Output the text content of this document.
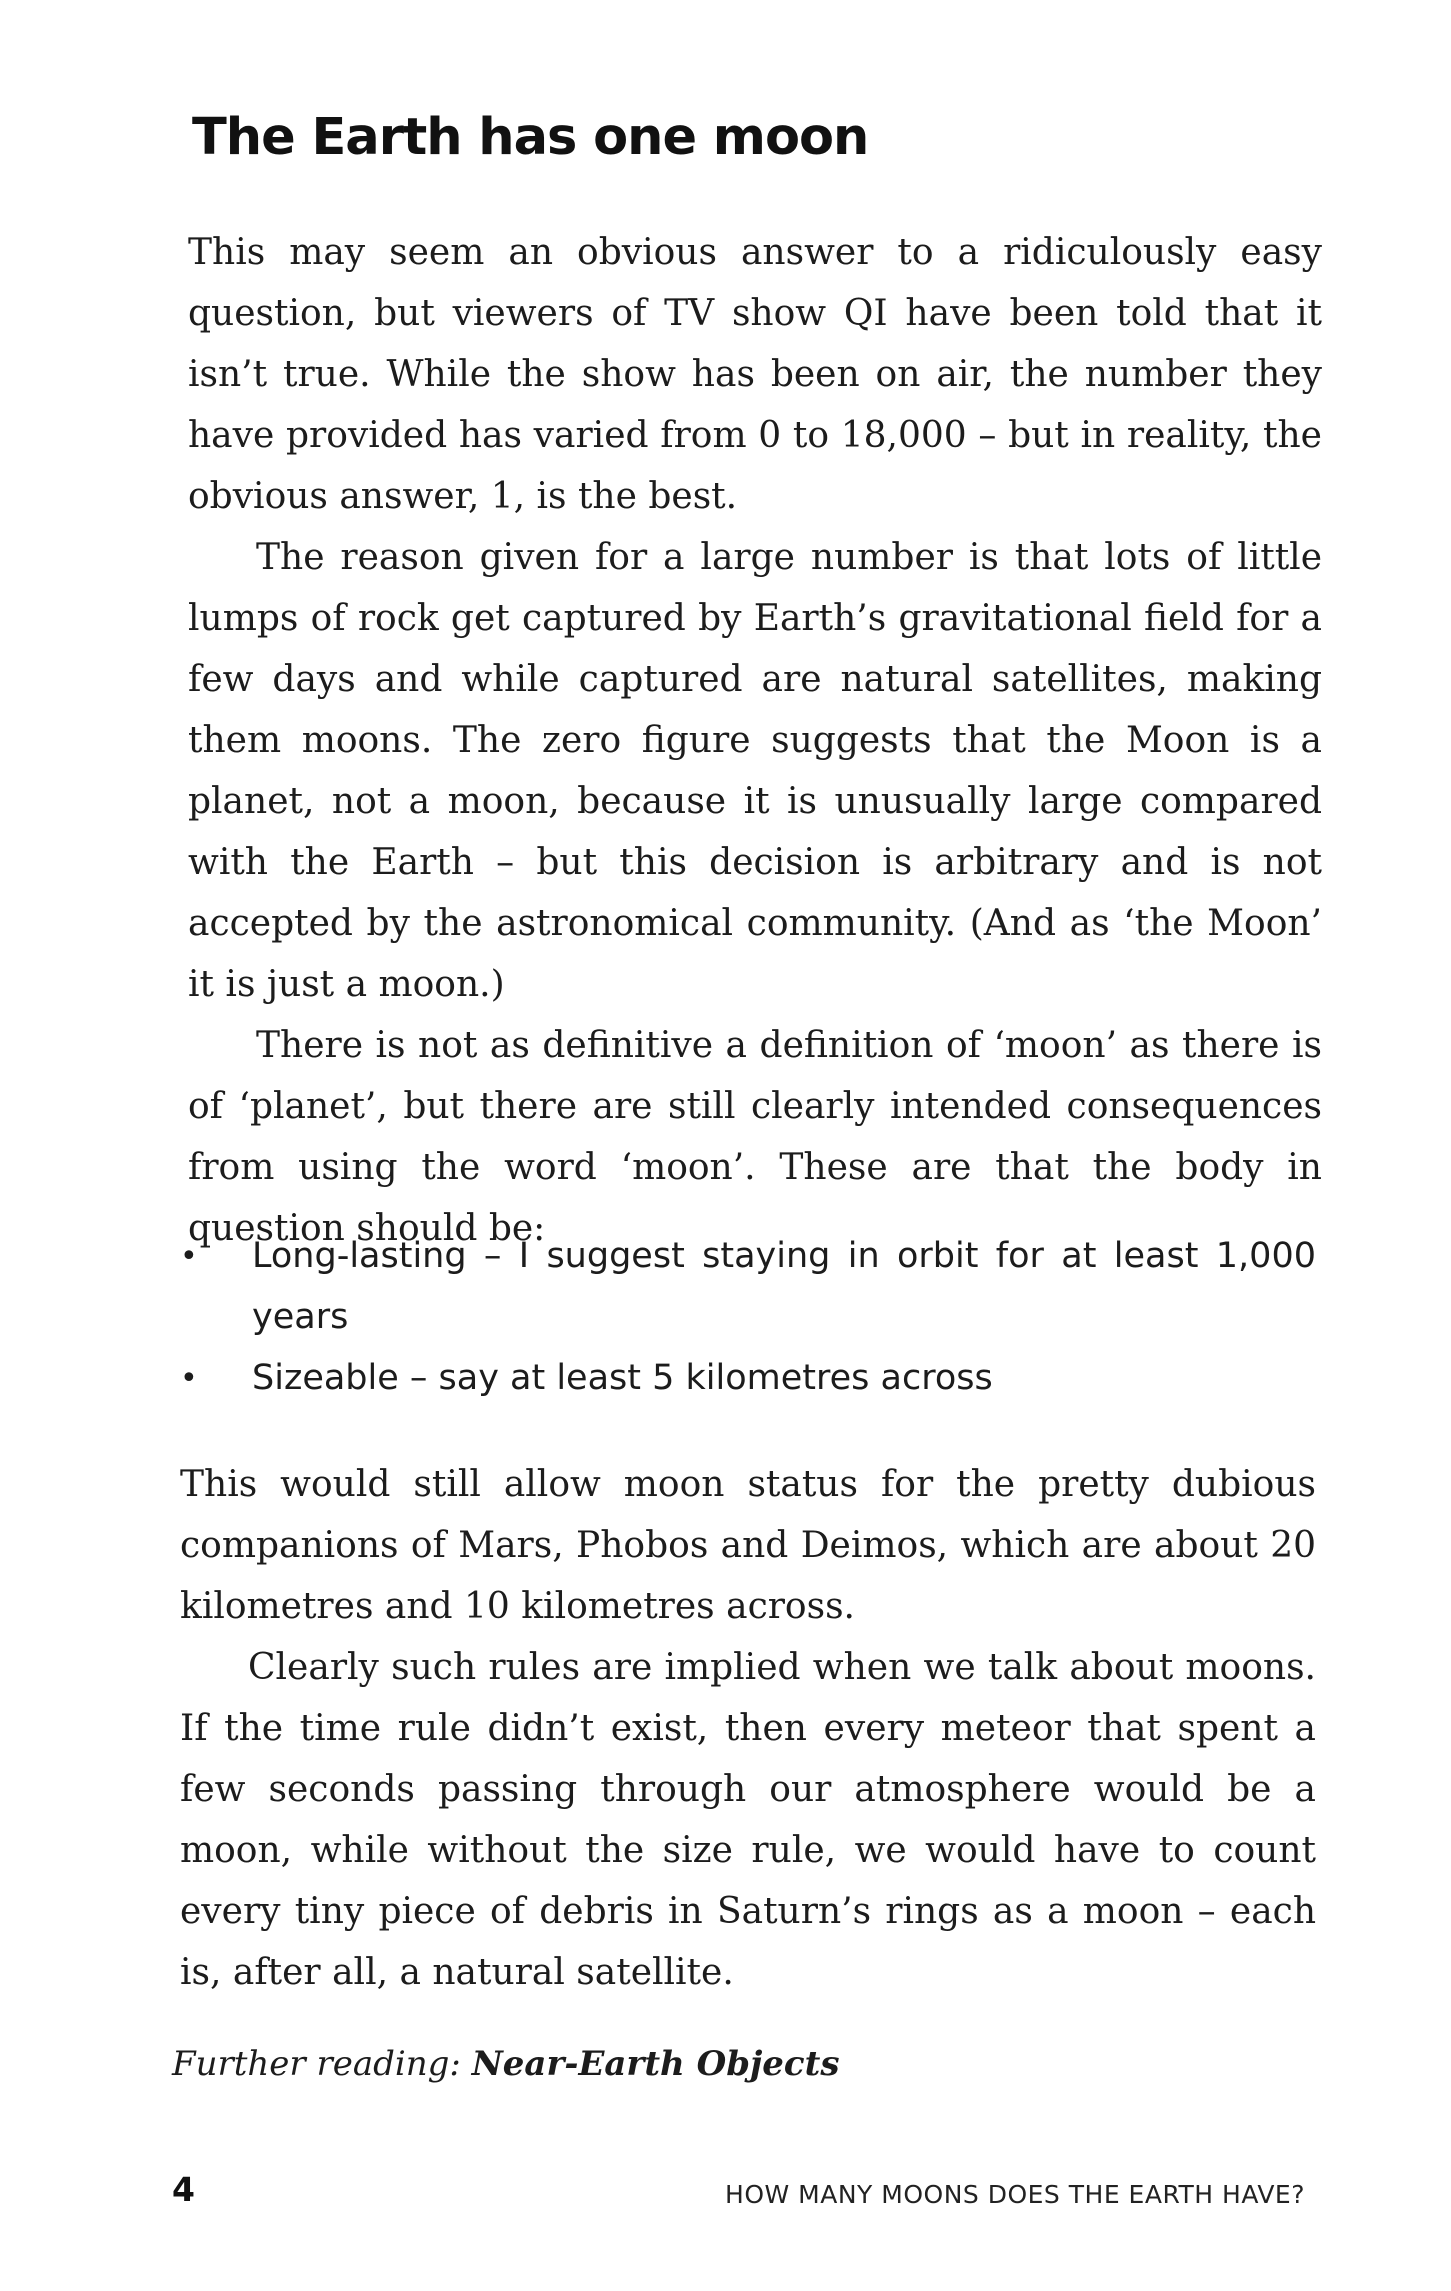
The Earth has one moon

This may seem an obvious answer to a ridiculously easy question, but viewers of TV show QI have been told that it isn’t true. While the show has been on air, the number they have provided has varied from 0 to 18,000 – but in reality, the obvious answer, 1, is the best.

The reason given for a large number is that lots of little lumps of rock get captured by Earth’s gravitational field for a few days and while captured are natural satellites, making them moons. The zero figure suggests that the Moon is a planet, not a moon, because it is unusually large compared with the Earth – but this decision is arbitrary and is not accepted by the astronomical community. (And as ‘the Moon’ it is just a moon.)

There is not as definitive a definition of ‘moon’ as there is of ‘planet’, but there are still clearly intended consequences from using the word ‘moon’. These are that the body in question should be:

• Long-lasting – I suggest staying in orbit for at least 1,000 years
• Sizeable – say at least 5 kilometres across

This would still allow moon status for the pretty dubious companions of Mars, Phobos and Deimos, which are about 20 kilometres and 10 kilometres across.

Clearly such rules are implied when we talk about moons. If the time rule didn’t exist, then every meteor that spent a few seconds passing through our atmosphere would be a moon, while without the size rule, we would have to count every tiny piece of debris in Saturn’s rings as a moon – each is, after all, a natural satellite.

Further reading: Near-Earth Objects
4	HOW MANY MOONS DOES THE EARTH HAVE?
